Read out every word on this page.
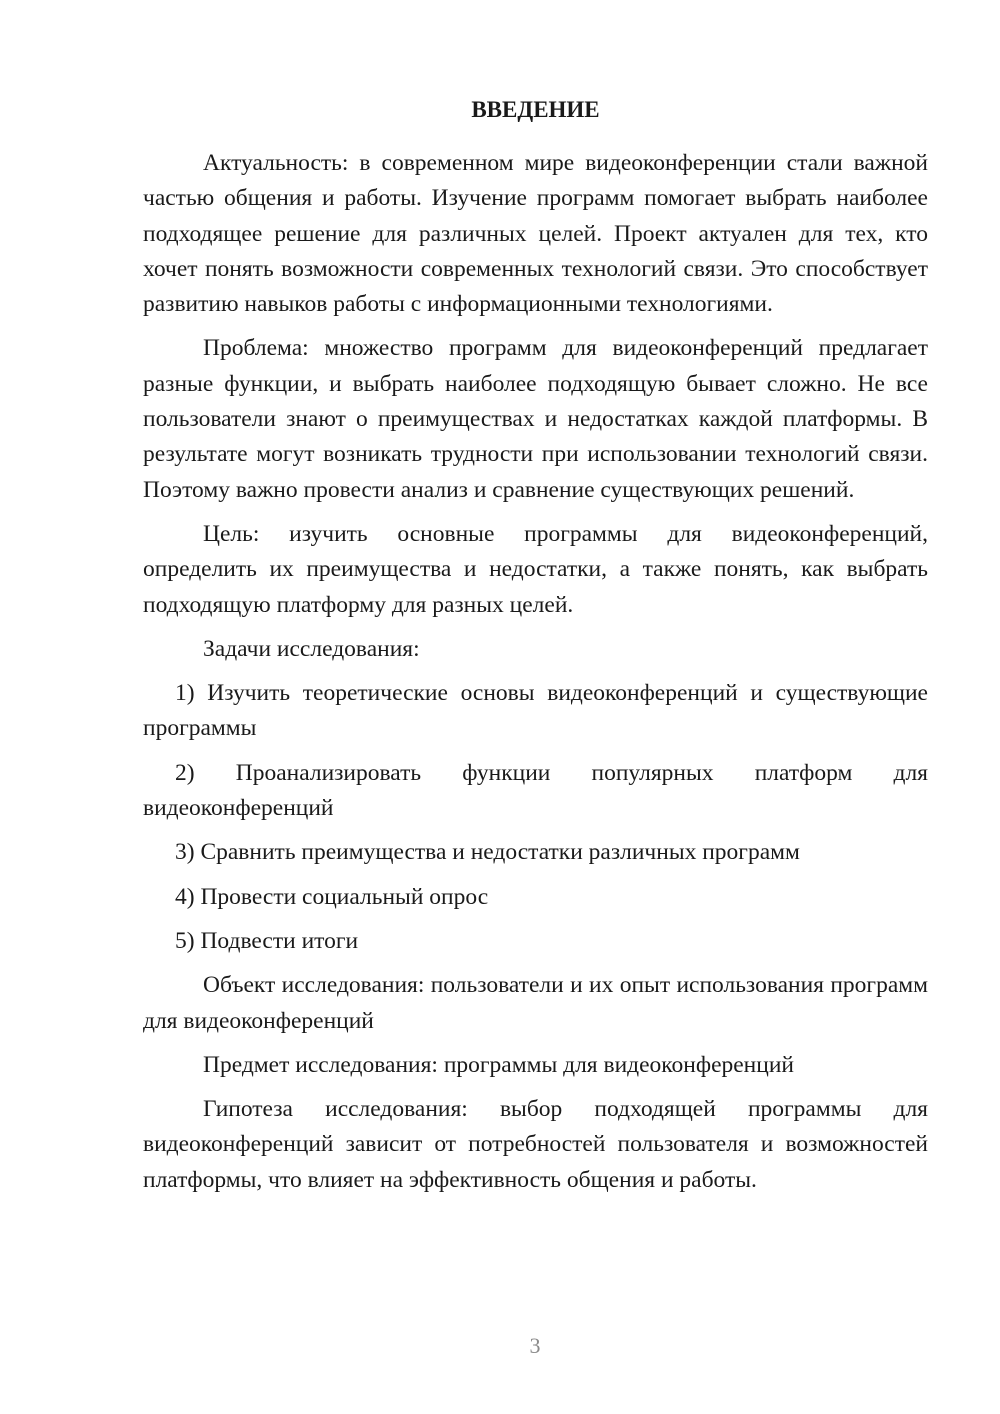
ВВЕДЕНИЕ

Актуальность: в современном мире видеоконференции стали важной частью общения и работы. Изучение программ помогает выбрать наиболее подходящее решение для различных целей. Проект актуален для тех, кто хочет понять возможности современных технологий связи. Это способствует развитию навыков работы с информационными технологиями.

Проблема: множество программ для видеоконференций предлагает разные функции, и выбрать наиболее подходящую бывает сложно. Не все пользователи знают о преимуществах и недостатках каждой платформы. В результате могут возникать трудности при использовании технологий связи. Поэтому важно провести анализ и сравнение существующих решений.

Цель: изучить основные программы для видеоконференций, определить их преимущества и недостатки, а также понять, как выбрать подходящую платформу для разных целей.

Задачи исследования:

1) Изучить теоретические основы видеоконференций и существующие программы

2) Проанализировать функции популярных платформ для видеоконференций

3) Сравнить преимущества и недостатки различных программ

4) Провести социальный опрос

5) Подвести итоги

Объект исследования: пользователи и их опыт использования программ для видеоконференций

Предмет исследования: программы для видеоконференций

Гипотеза исследования: выбор подходящей программы для видеоконференций зависит от потребностей пользователя и возможностей платформы, что влияет на эффективность общения и работы.

3
